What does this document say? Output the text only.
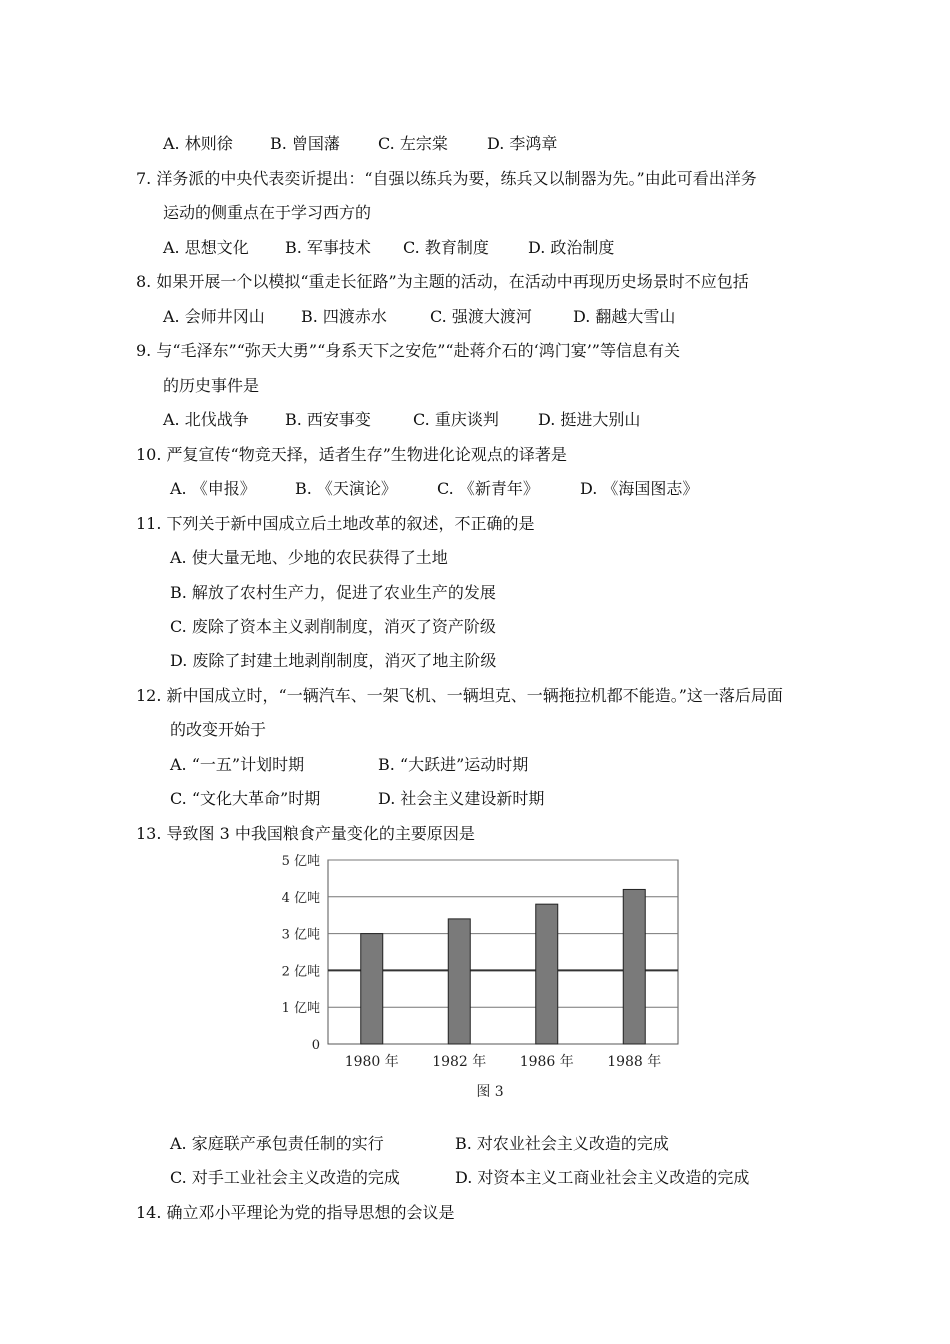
A. 林则徐 B. 曾国藩 C. 左宗棠 D. 李鸿章
7. 洋务派的中央代表奕䜣提出：“自强以练兵为要，练兵又以制器为先。”由此可看出洋务
运动的侧重点在于学习西方的
A. 思想文化 B. 军事技术 C. 教育制度 D. 政治制度
8. 如果开展一个以模拟“重走长征路”为主题的活动，在活动中再现历史场景时不应包括
A. 会师井冈山 B. 四渡赤水	C. 强渡大渡河	D. 翻越大雪山
9. 与“毛泽东”“弥天大勇”“身系天下之安危”“赴蒋介石的‘鸿门宴’”等信息有关
的历史事件是
A. 北伐战争 B. 西安事变	C. 重庆谈判 D. 挺进大别山
10. 严复宣传“物竞天择，适者生存”生物进化论观点的译著是
A. 《申报》 B. 《天演论》	C. 《新青年》	D. 《海国图志》
11. 下列关于新中国成立后土地改革的叙述，不正确的是
A. 使大量无地、少地的农民获得了土地
B. 解放了农村生产力，促进了农业生产的发展
C. 废除了资本主义剥削制度，消灭了资产阶级
D. 废除了封建土地剥削制度，消灭了地主阶级
12. 新中国成立时，“一辆汽车、一架飞机、一辆坦克、一辆拖拉机都不能造。”这一落后局面
的改变开始于
A. “一五”计划时期	B. “大跃进”运动时期
C. “文化大革命”时期	D. 社会主义建设新时期
13. 导致图 3 中我国粮食产量变化的主要原因是
0
1 亿吨
2 亿吨
3 亿吨
4 亿吨
5 亿吨
1980 年 1982 年 1986 年 1988 年
图 3
A. 家庭联产承包责任制的实行	B. 对农业社会主义改造的完成
C. 对手工业社会主义改造的完成	D. 对资本主义工商业社会主义改造的完成
14. 确立邓小平理论为党的指导思想的会议是
